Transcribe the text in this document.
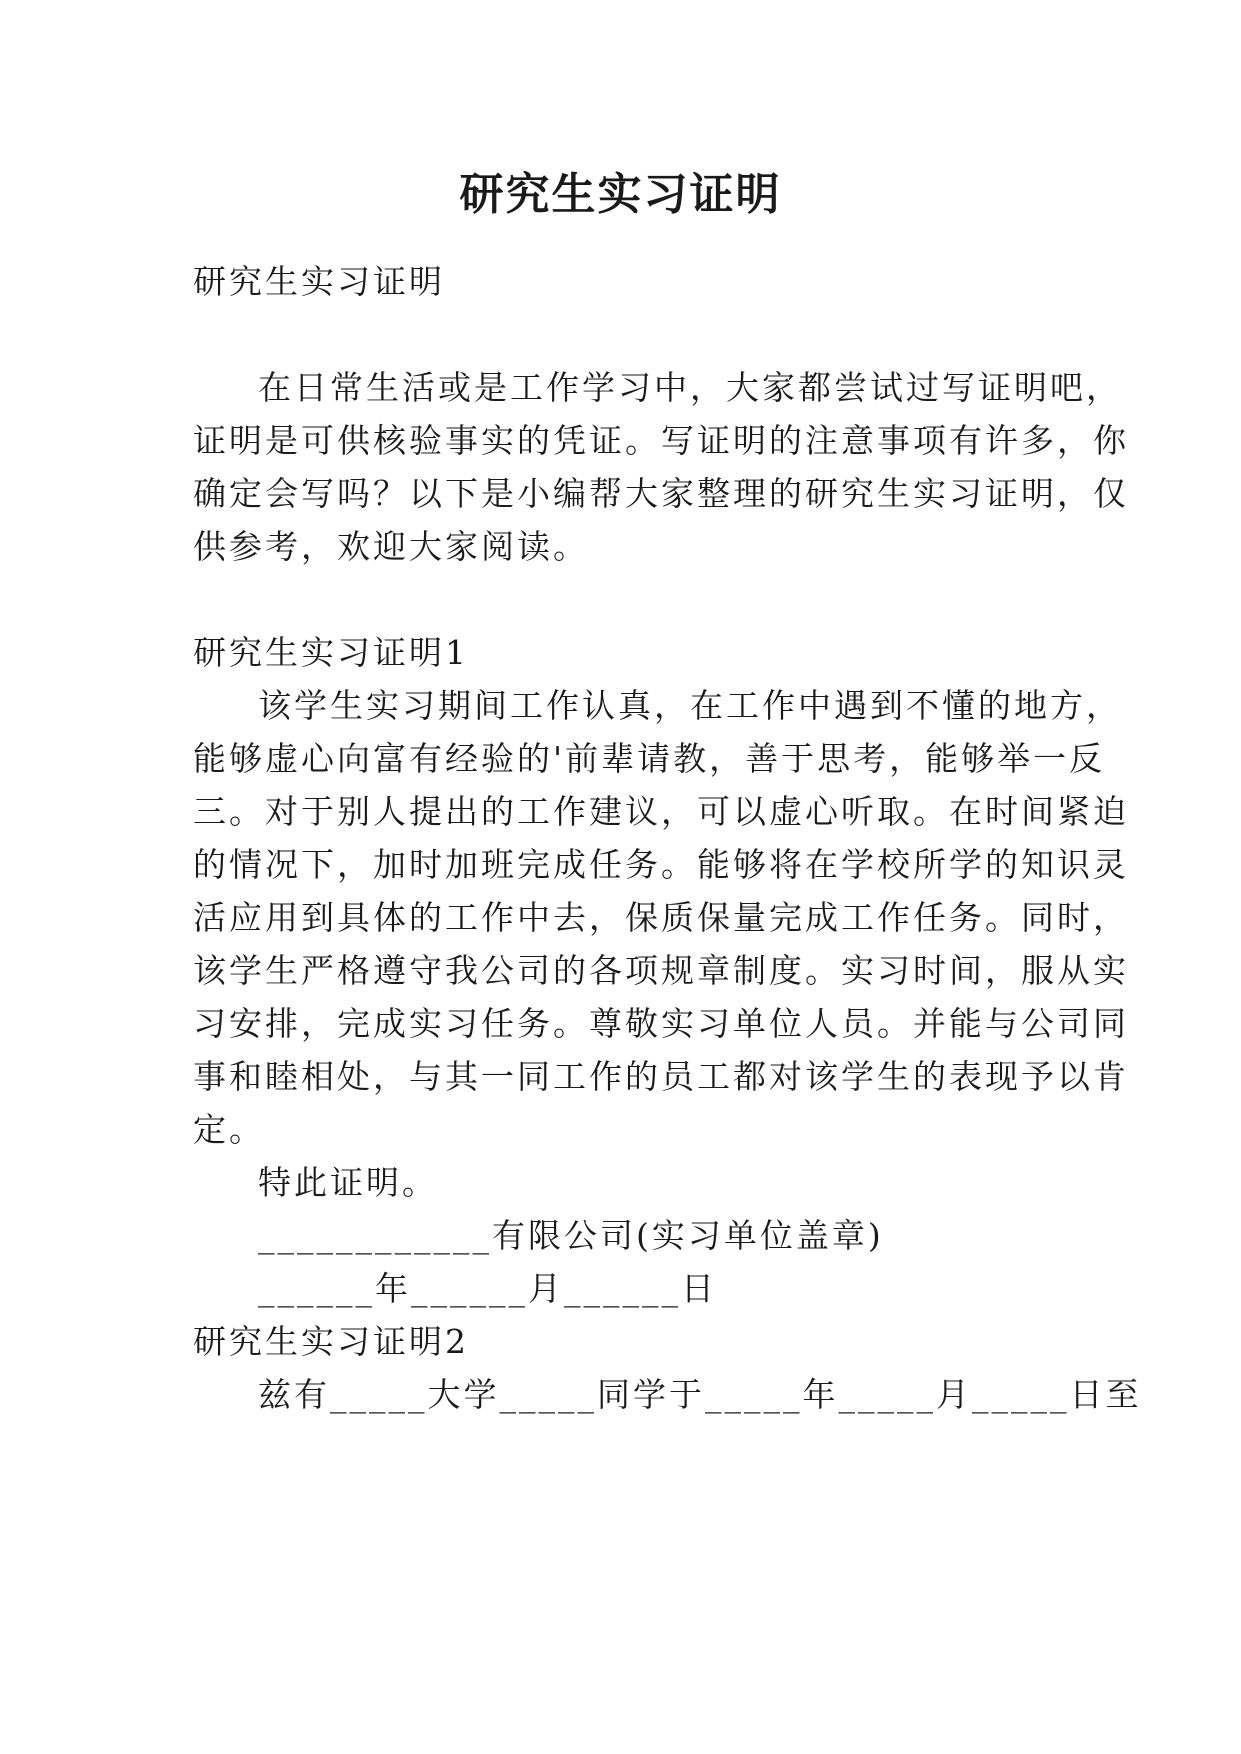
研究生实习证明

研究生实习证明

在日常生活或是工作学习中，大家都尝试过写证明吧，

证明是可供核验事实的凭证。写证明的注意事项有许多，你

确定会写吗？以下是小编帮大家整理的研究生实习证明，仅

供参考，欢迎大家阅读。

研究生实习证明1

该学生实习期间工作认真，在工作中遇到不懂的地方，

能够虚心向富有经验的'前辈请教，善于思考，能够举一反

三。对于别人提出的工作建议，可以虚心听取。在时间紧迫

的情况下，加时加班完成任务。能够将在学校所学的知识灵

活应用到具体的工作中去，保质保量完成工作任务。同时，

该学生严格遵守我公司的各项规章制度。实习时间，服从实

习安排，完成实习任务。尊敬实习单位人员。并能与公司同

事和睦相处，与其一同工作的员工都对该学生的表现予以肯

定。

特此证明。

____________有限公司(实习单位盖章)

______年______月______日

研究生实习证明2

兹有_____大学_____同学于_____年_____月_____日至
